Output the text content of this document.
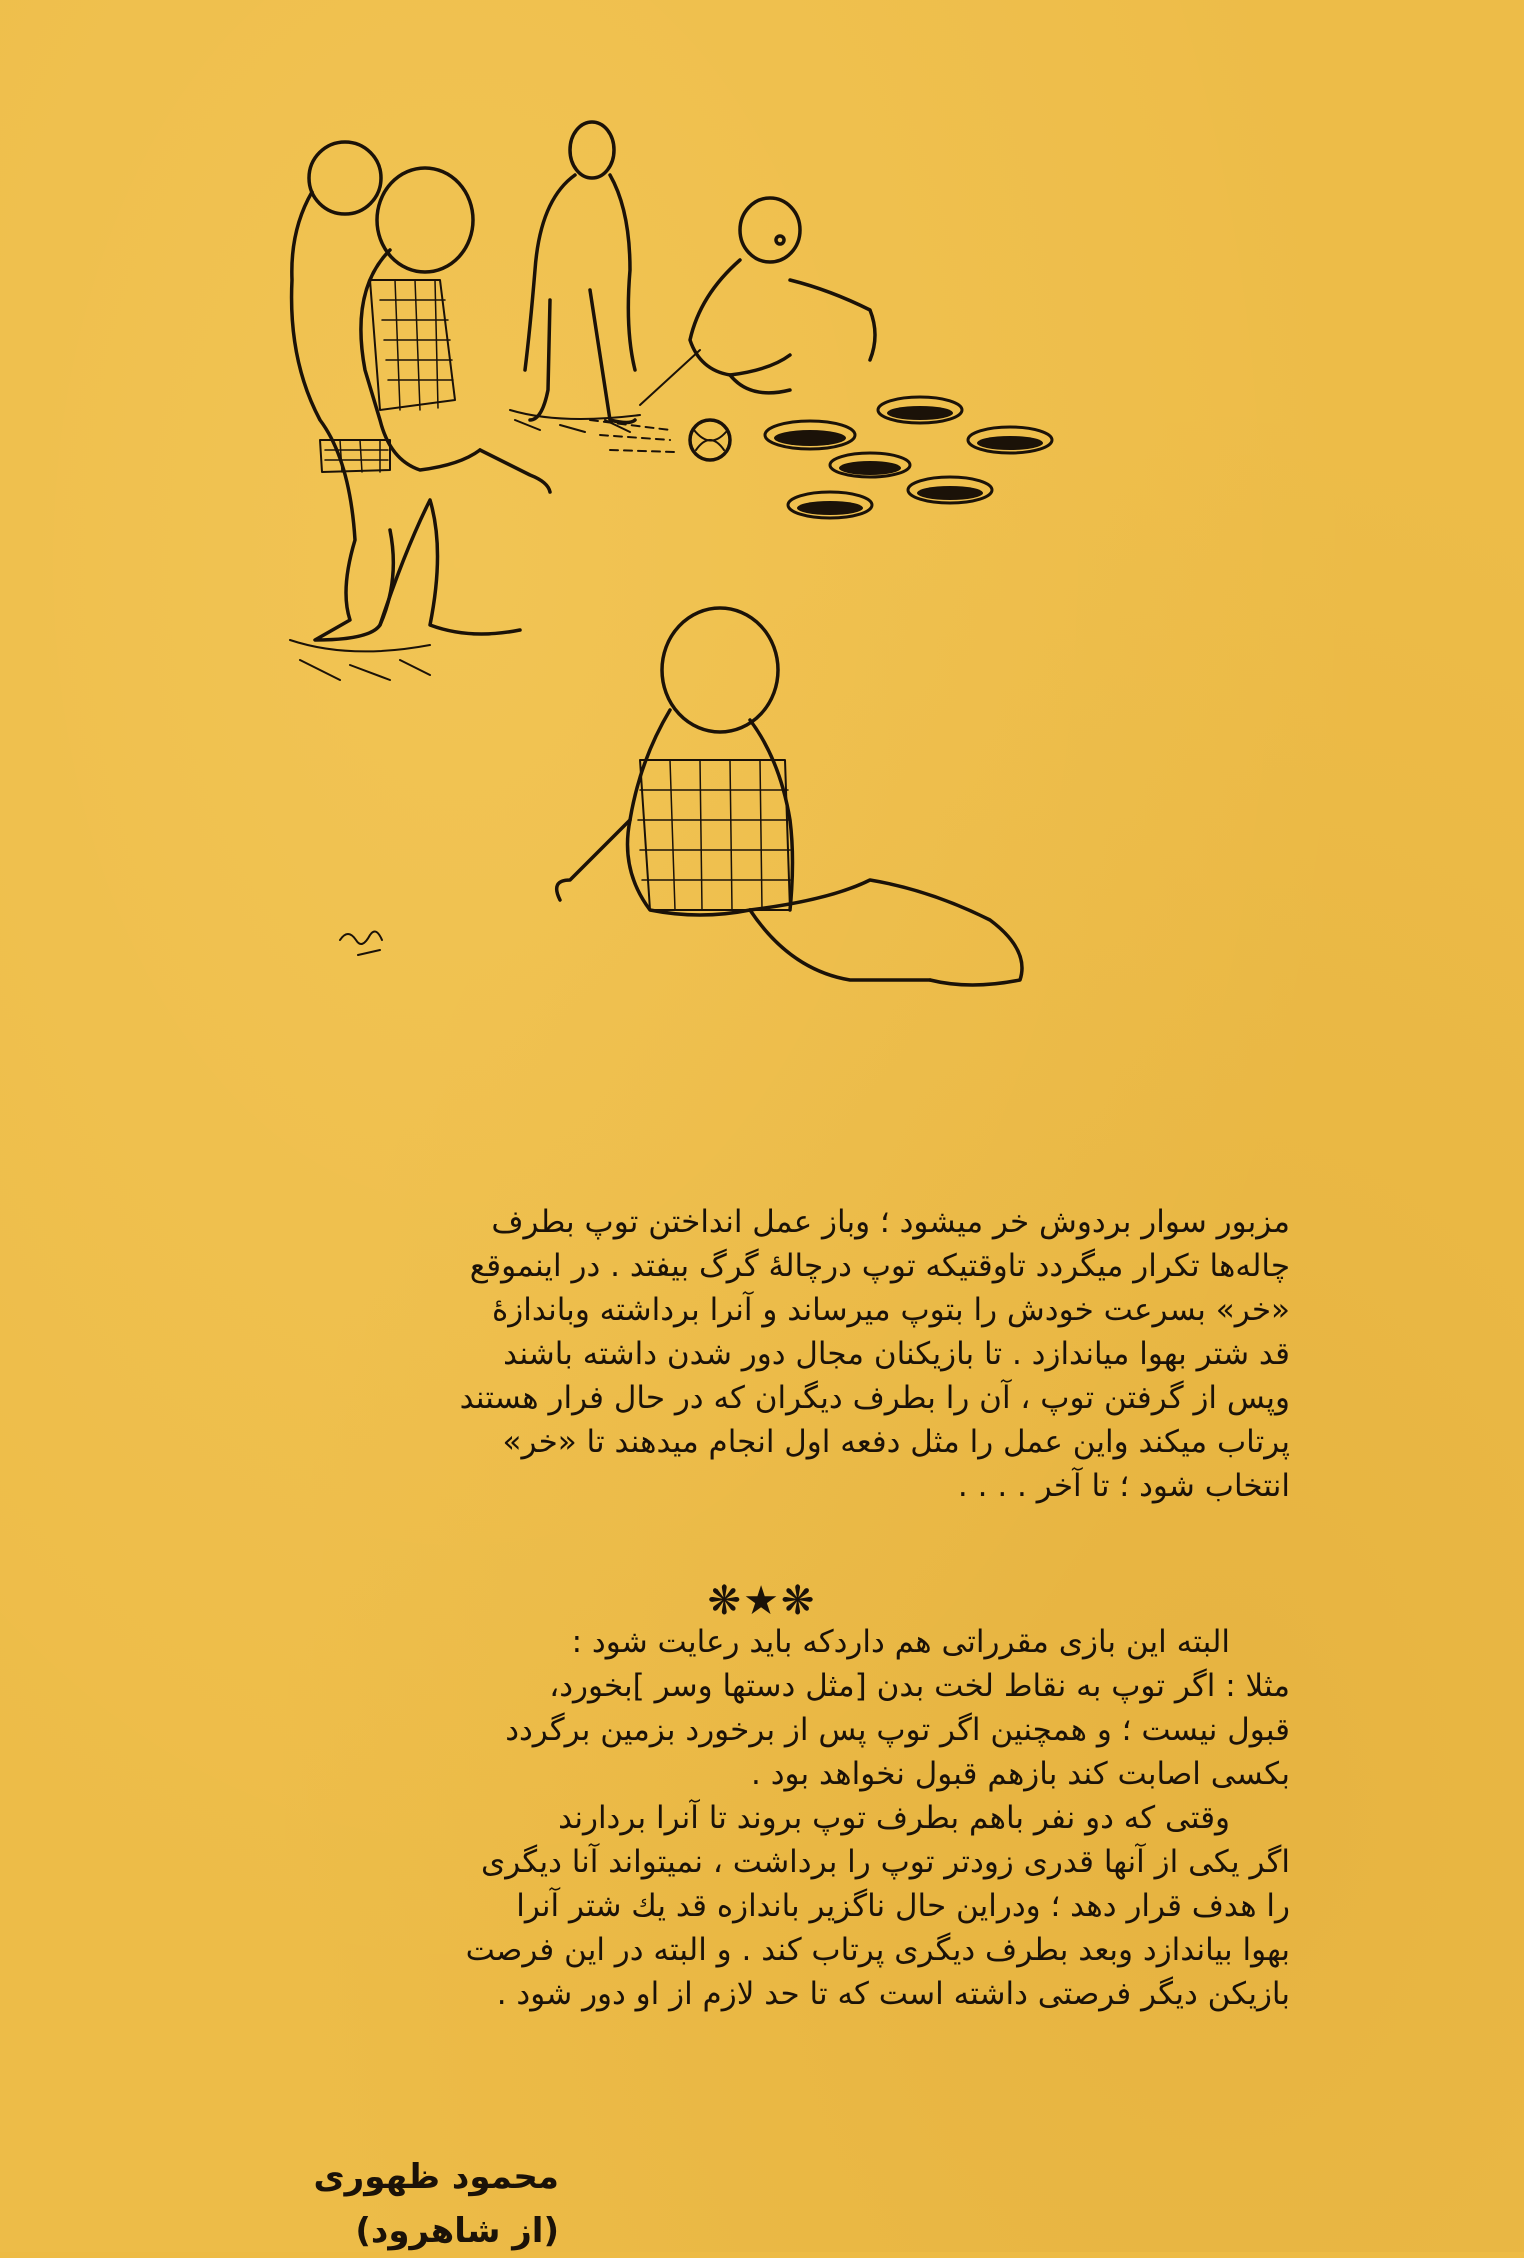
مزبور سوار بردوش خر میشود ؛ وباز عمل انداختن توپ بطرف
چاله‌ها تکرار میگردد تاوقتیکه توپ درچالهٔ گرگ بیفتد . در اینموقع
«خر» بسرعت خودش را بتوپ میرساند و آنرا برداشته وباندازهٔ
قد شتر بهوا میاندازد . تا بازیکنان مجال دور شدن داشته باشند
وپس از گرفتن توپ ، آن را بطرف دیگران که در حال فرار هستند
پرتاب میکند واین عمل را مثل دفعه اول انجام میدهند تا «خر»
انتخاب شود ؛ تا آخر . . . .
❋★❋
البته این بازی مقرراتی هم داردکه باید رعایت شود :
مثلا : اگر توپ به نقاط لخت بدن [مثل دستها وسر ]بخورد،
قبول نیست ؛ و همچنین اگر توپ پس از برخورد بزمین برگردد
بکسی اصابت کند بازهم قبول نخواهد بود .
وقتی که دو نفر باهم بطرف توپ بروند تا آنرا بردارند
اگر یکی از آنها قدری زودتر توپ را برداشت ، نمیتواند آنا دیگری
را هدف قرار دهد ؛ ودراین حال ناگزیر باندازه قد یك شتر آنرا
بهوا بیاندازد وبعد بطرف دیگری پرتاب کند . و البته در این فرصت
بازیکن دیگر فرصتی داشته است که تا حد لازم از او دور شود .
محمود ظهوری
(از شاهرود)
